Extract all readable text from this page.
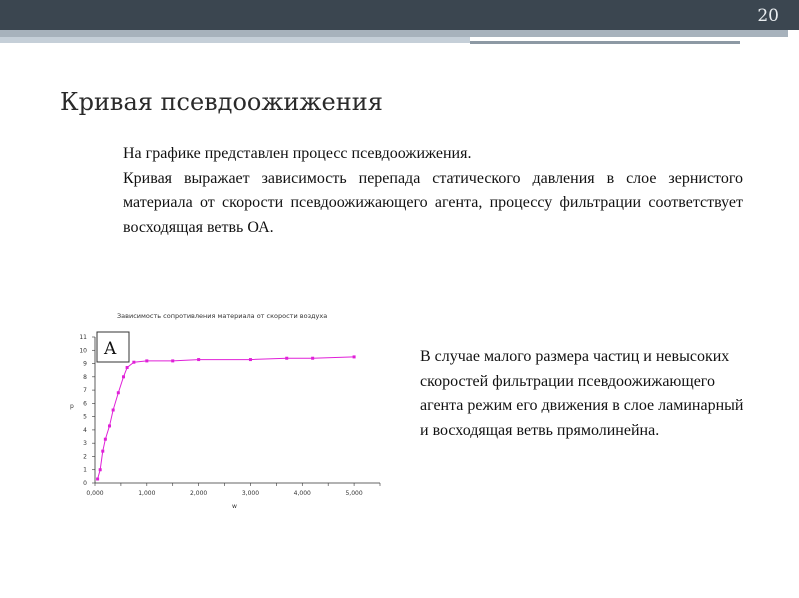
20
Кривая псевдоожижения
На графике представлен процесс псевдоожижения.
Кривая выражает зависимость перепада статического давления в слое зернистого материала от скорости псевдоожижающего агента, процессу фильтрации соответствует восходящая ветвь ОА.
Зависимость сопротивления материала от скорости воздуха
p
w
0
1
2
3
4
5
6
7
8
9
10
11
0,000	1,000	2,000	3,000	4,000	5,000
A	В случае малого размера частиц и невысоких скоростей фильтрации псевдоожижающего агента режим его движения в слое ламинарный и восходящая ветвь прямолинейна.
